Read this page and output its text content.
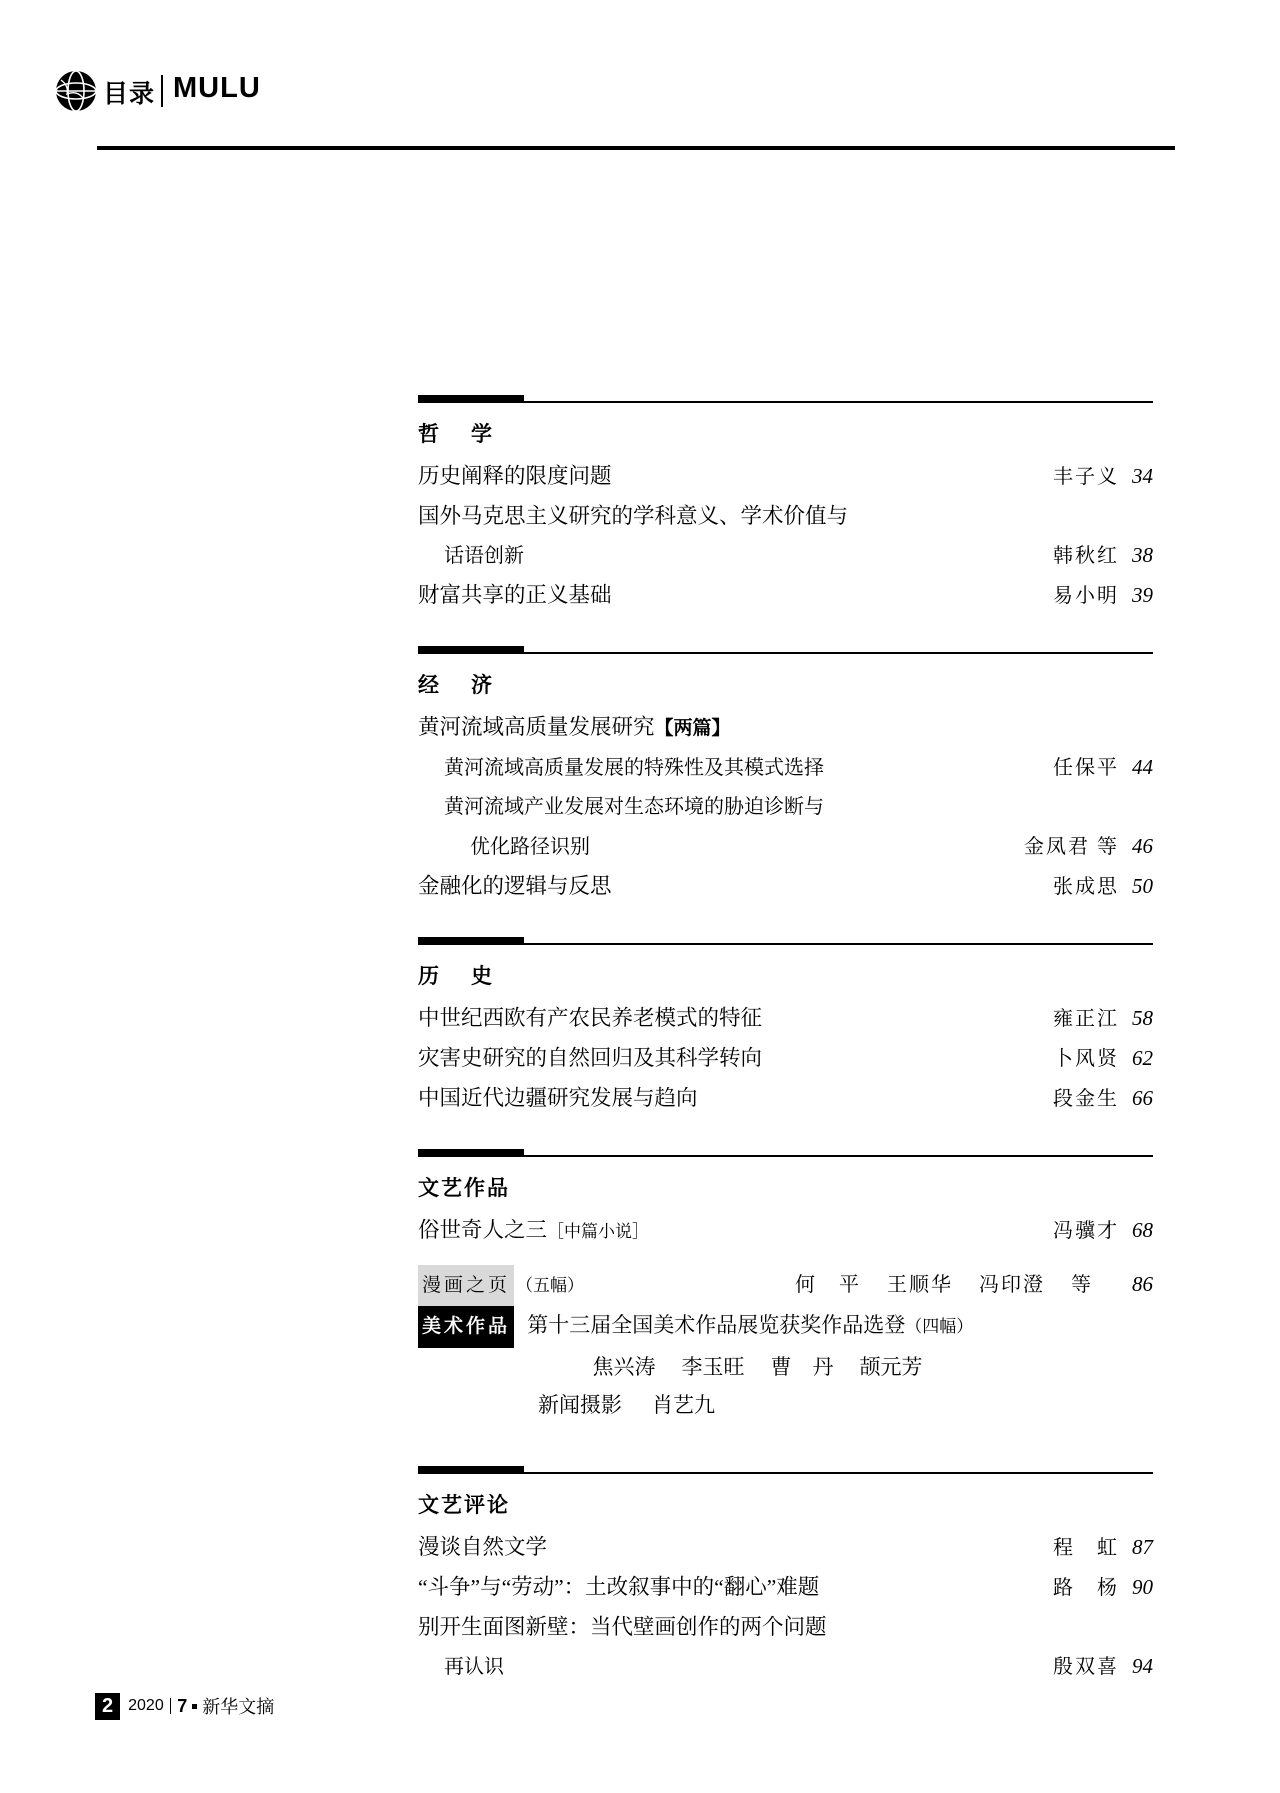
目录 MULU
哲 学
历史阐释的限度问题 · · ·	丰子义 34
国外马克思主义研究的学科意义、学术价值与
话语创新 · · ·	韩秋红 38
财富共享的正义基础 · · ·	易小明 39
经 济
黄河流域高质量发展研究 【两篇】
黄河流域高质量发展的特殊性及其模式选择 · · ·	任保平 44
黄河流域产业发展对生态环境的胁迫诊断与
优化路径识别 · · ·	金凤君 等 46
金融化的逻辑与反思 · · ·	张成思 50
历 史
中世纪西欧有产农民养老模式的特征 · · ·	雍正江 58
灾害史研究的自然回归及其科学转向 · · ·	卜风贤 62
中国近代边疆研究发展与趋向 · · ·	段金生 66
文艺作品
俗世奇人之三 ［中篇小说］ · · ·	冯骥才 68
漫画之页 （五幅） · · ·	何　平 王顺华 冯印澄 等	86
美术作品 第十三届全国美术作品展览获奖作品选登（四幅）
焦兴涛 李玉旺 曹　丹 颉元芳
新闻摄影 肖艺九
文艺评论
漫谈自然文学 · · ·	程　虹 87
“斗争”与“劳动”：土改叙事中的“翻心”难题 · · ·	路　杨 90
别开生面图新壁：当代壁画创作的两个问题
再认识 · · ·	殷双喜 94
2 2020 7 新华文摘
